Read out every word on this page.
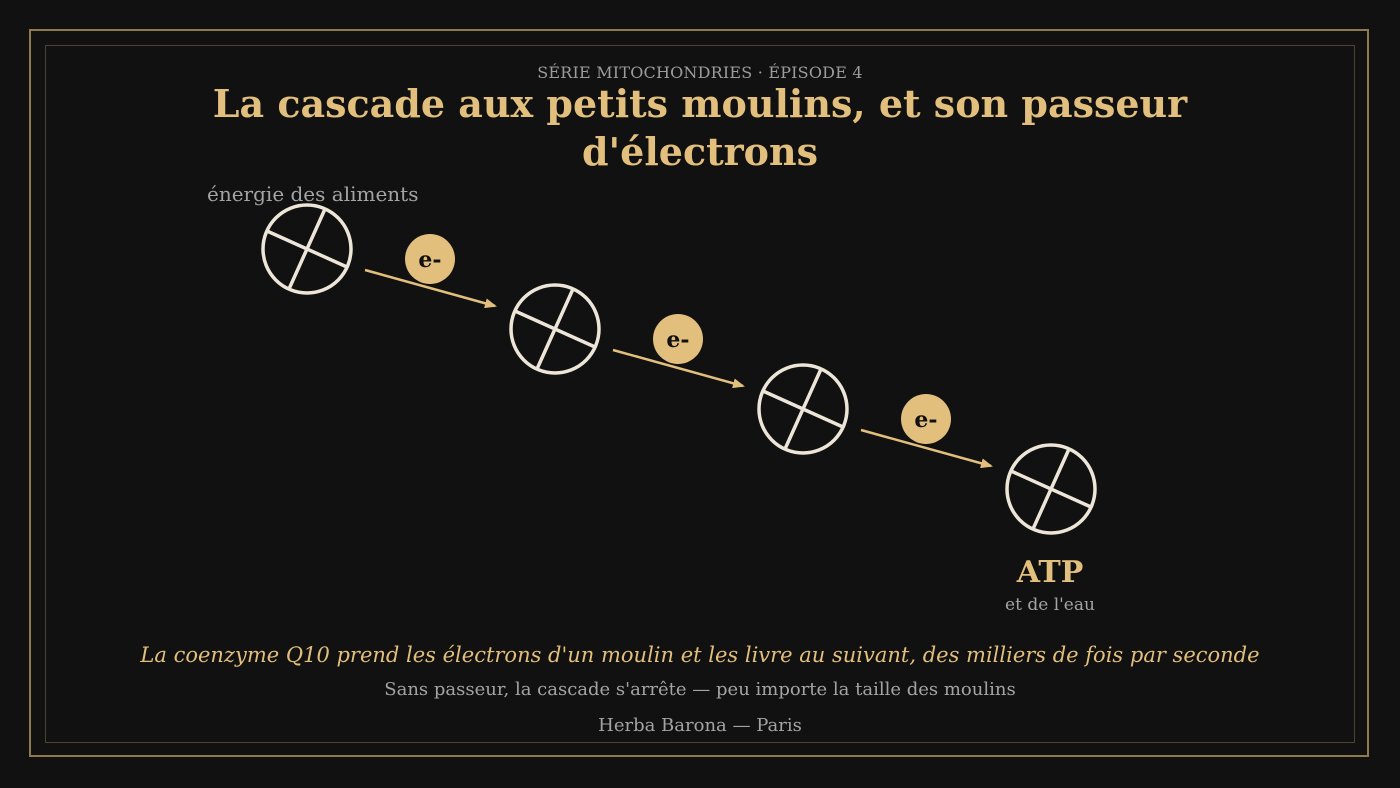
SÉRIE MITOCHONDRIES · ÉPISODE 4
La cascade aux petits moulins, et son passeur d'électrons
énergie des aliments
e-
e-
e-
ATP
et de l'eau
La coenzyme Q10 prend les électrons d'un moulin et les livre au suivant, des milliers de fois par seconde
Sans passeur, la cascade s'arrête — peu importe la taille des moulins
Herba Barona — Paris
